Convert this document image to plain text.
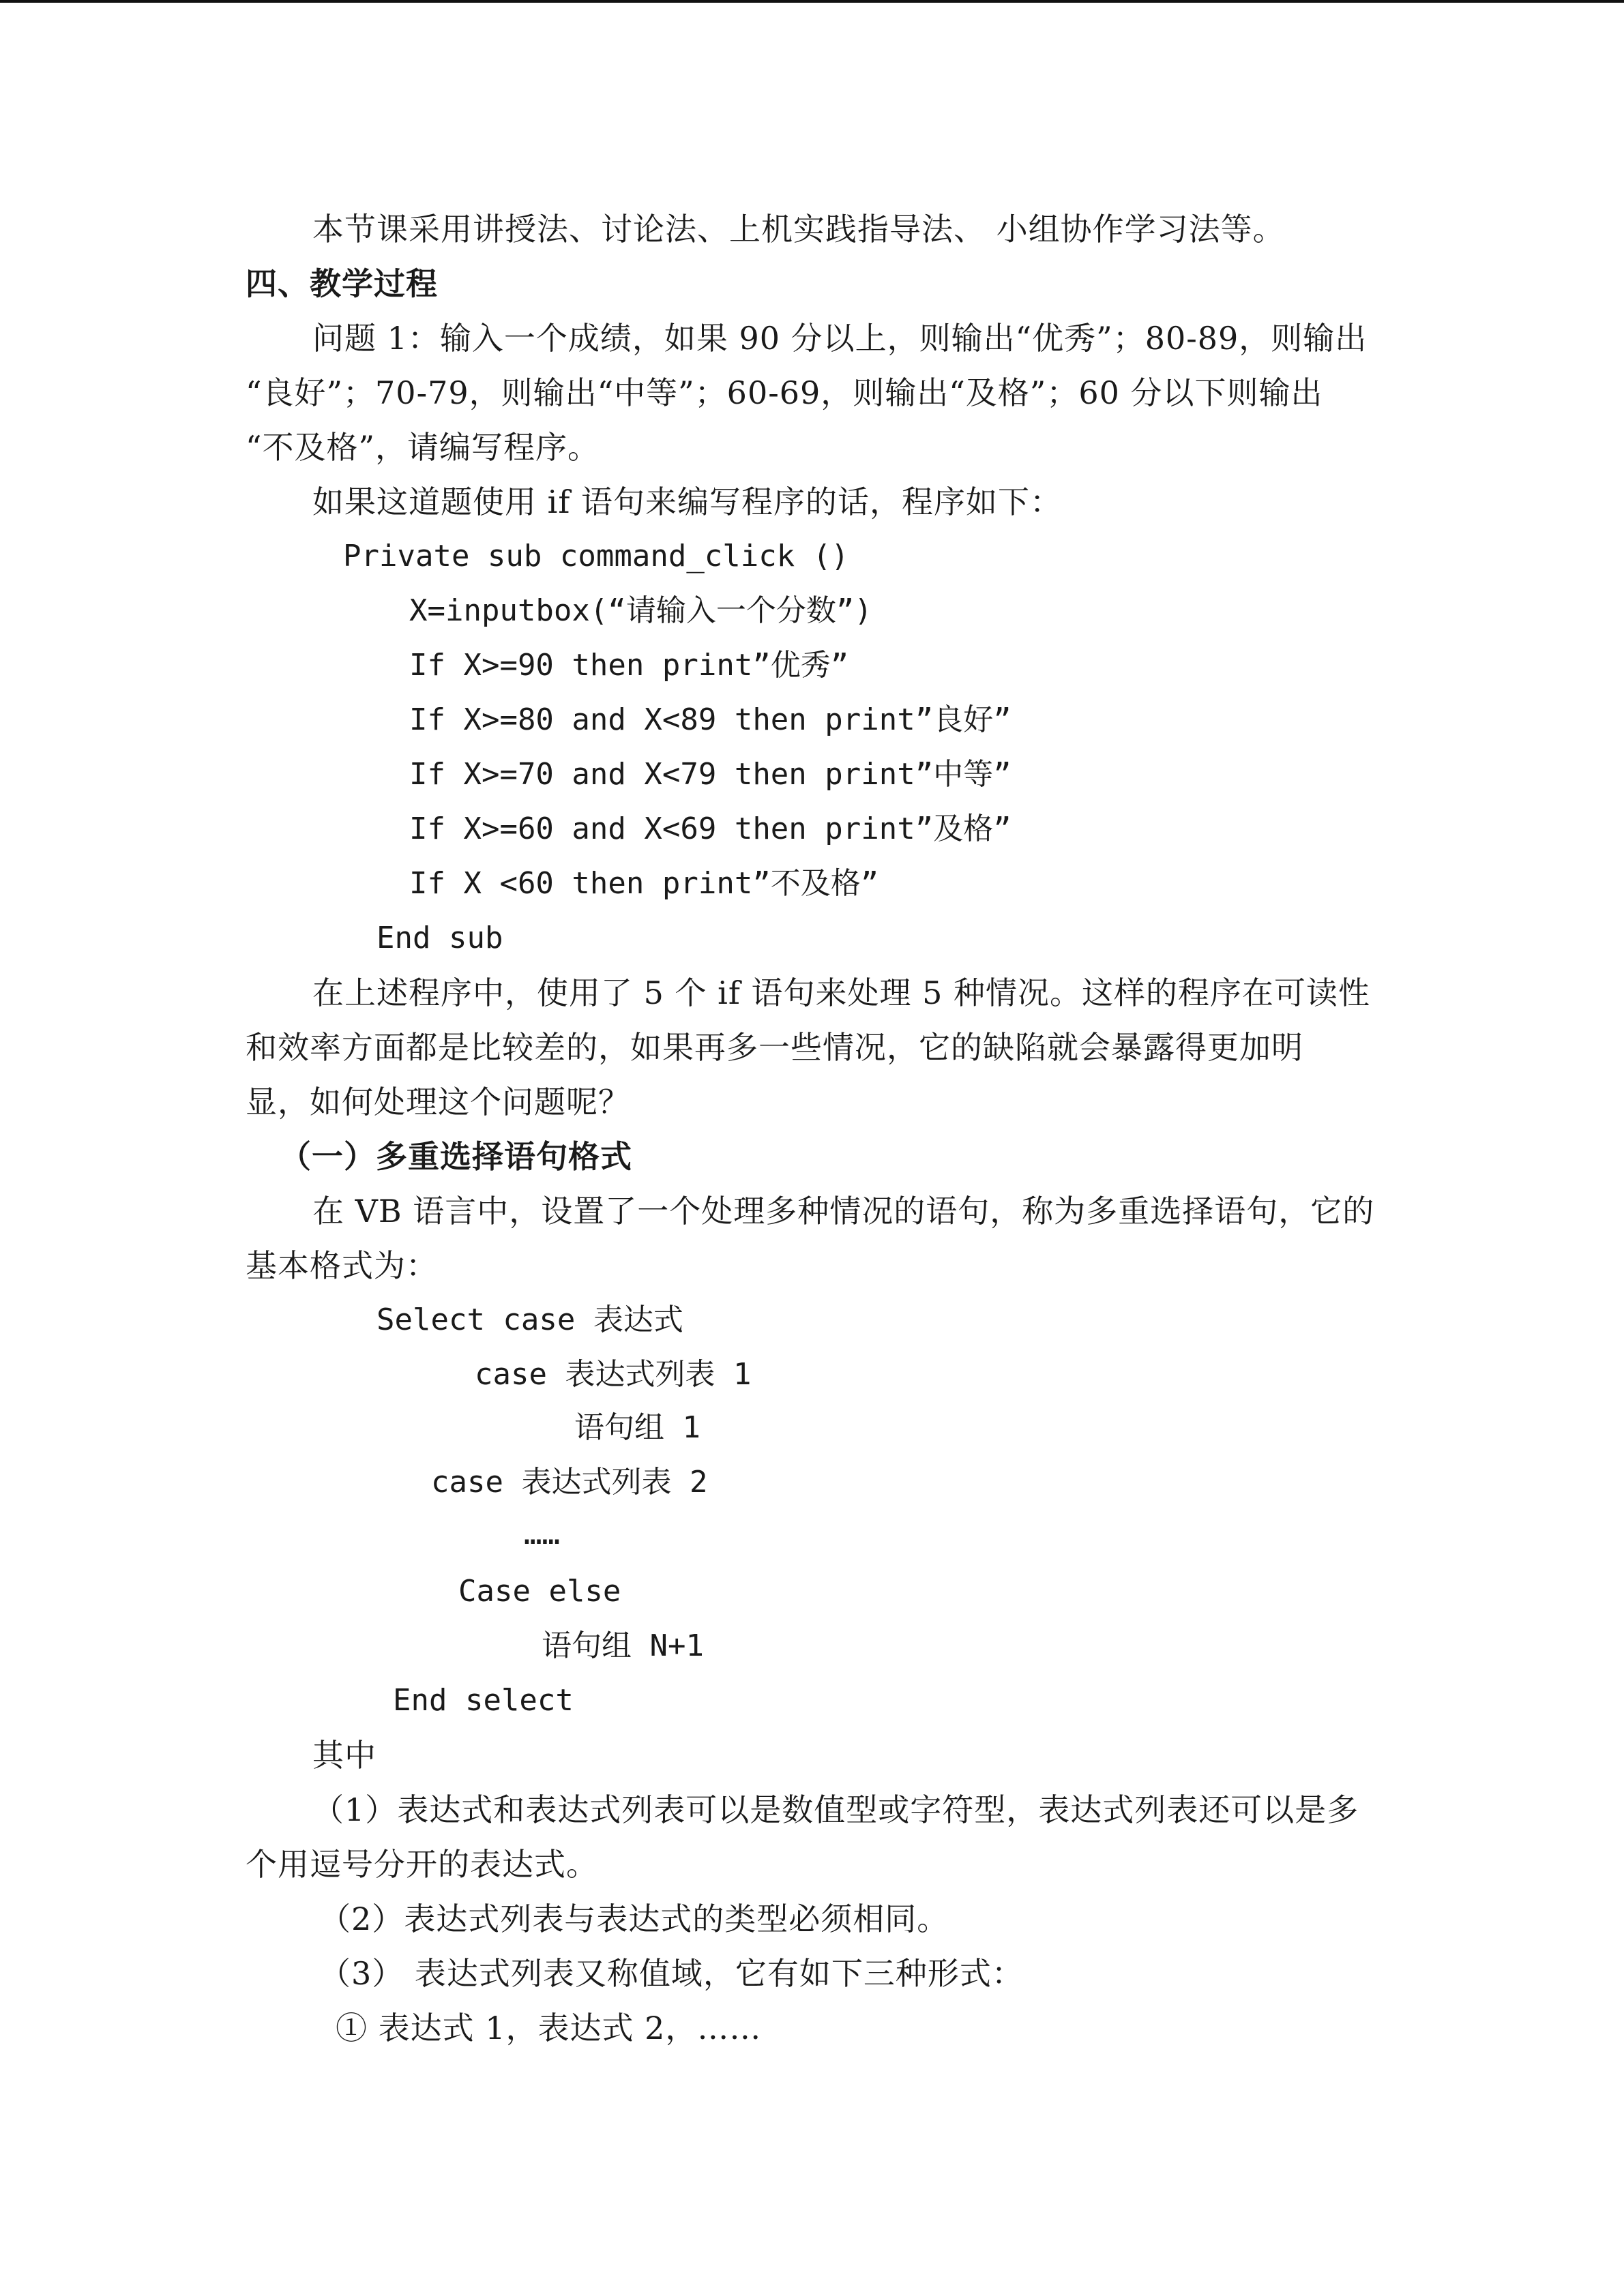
本节课采用讲授法、讨论法、上机实践指导法、 小组协作学习法等。
四、教学过程
问题 1：输入一个成绩，如果 90 分以上，则输出“优秀”；80-89，则输出
“良好”；70-79，则输出“中等”；60-69，则输出“及格”；60 分以下则输出
“不及格”，请编写程序。
如果这道题使用 if 语句来编写程序的话，程序如下：
Private sub command_click ()
X=inputbox(“请输入一个分数”)
If X>=90 then print”优秀”
If X>=80 and X<89 then print”良好”
If X>=70 and X<79 then print”中等”
If X>=60 and X<69 then print”及格”
If X <60 then print”不及格”
End sub
在上述程序中，使用了 5 个 if 语句来处理 5 种情况。这样的程序在可读性
和效率方面都是比较差的，如果再多一些情况，它的缺陷就会暴露得更加明
显，如何处理这个问题呢？
（一）多重选择语句格式
在 VB 语言中，设置了一个处理多种情况的语句，称为多重选择语句，它的
基本格式为：
Select case 表达式
case 表达式列表 1
语句组 1
case 表达式列表 2
……
Case else
语句组 N+1
End select
其中
（1）表达式和表达式列表可以是数值型或字符型，表达式列表还可以是多
个用逗号分开的表达式。
（2）表达式列表与表达式的类型必须相同。
（3） 表达式列表又称值域，它有如下三种形式：
① 表达式 1，表达式 2，……
